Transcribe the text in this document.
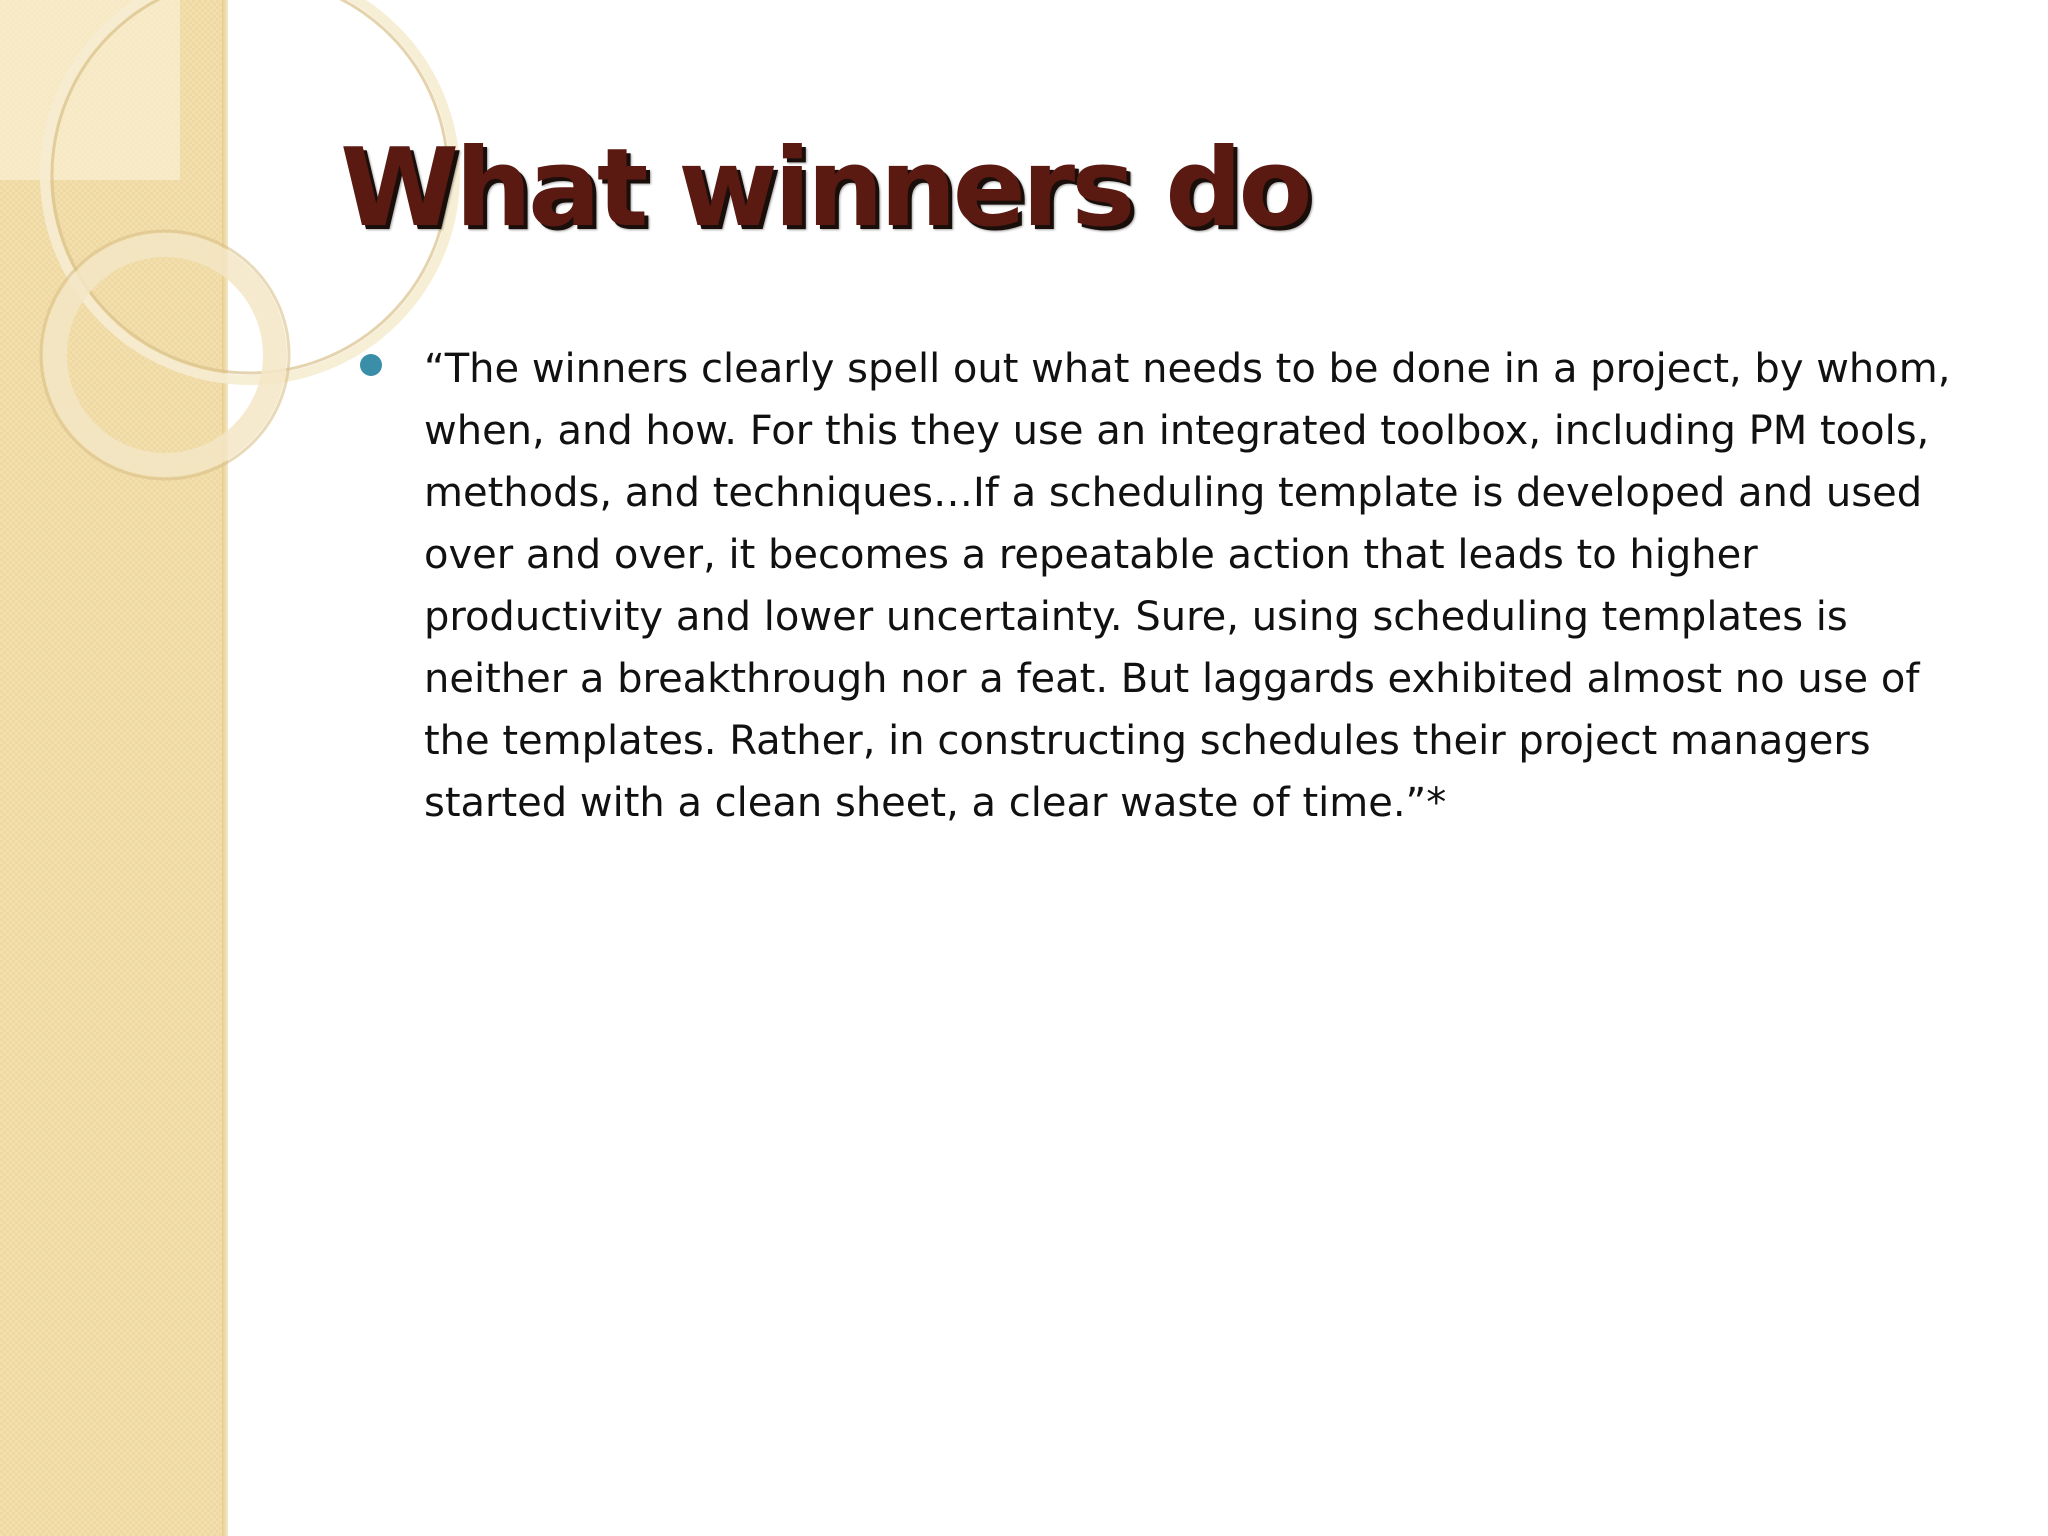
What winners do
“The winners clearly spell out what needs to be done in a project, by whom, when, and how. For this they use an integrated toolbox, including PM tools, methods, and techniques…If a scheduling template is developed and used over and over, it becomes a repeatable action that leads to higher productivity and lower uncertainty. Sure, using scheduling templates is neither a breakthrough nor a feat. But laggards exhibited almost no use of the templates. Rather, in constructing schedules their project managers started with a clean sheet, a clear waste of time.”*
